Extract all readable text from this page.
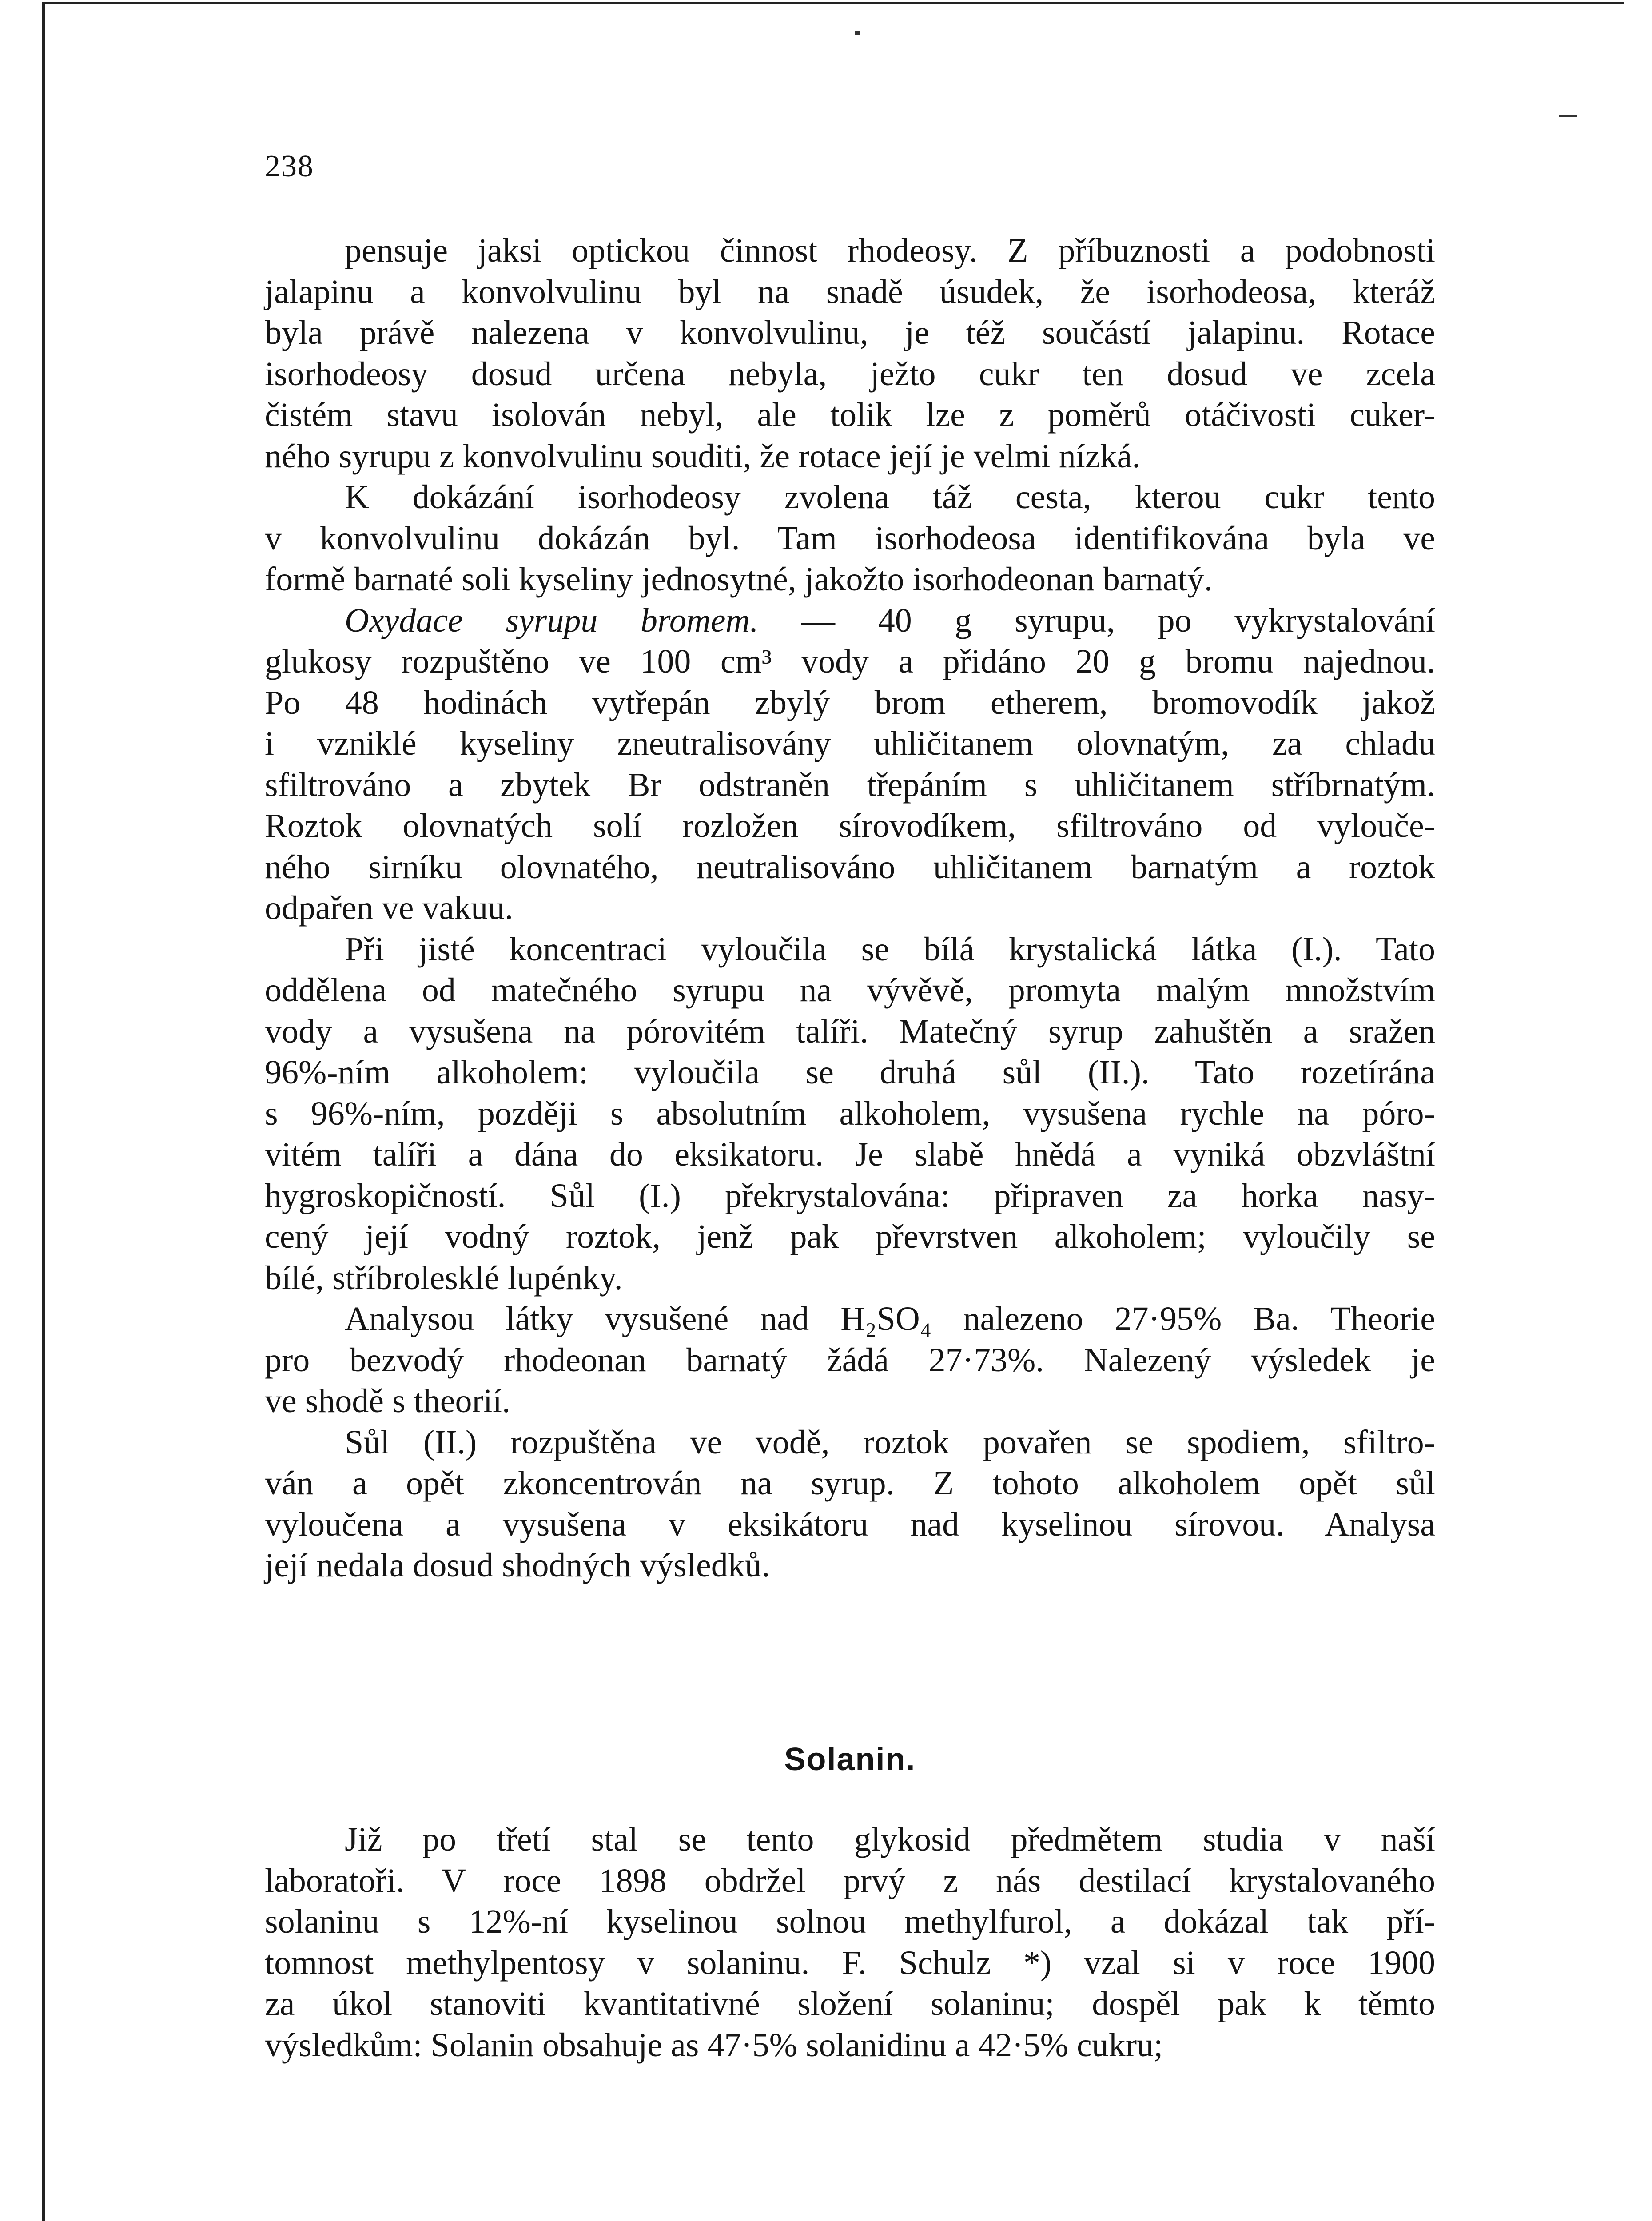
238

pensuje jaksi optickou činnost rhodeosy. Z příbuznosti a podobnosti

jalapinu a konvolvulinu byl na snadě úsudek, že isorhodeosa, kteráž

byla právě nalezena v konvolvulinu, je též součástí jalapinu. Rotace

isorhodeosy dosud určena nebyla, ježto cukr ten dosud ve zcela

čistém stavu isolován nebyl, ale tolik lze z poměrů otáčivosti cuker-

ného syrupu z konvolvulinu souditi, že rotace její je velmi nízká.

K dokázání isorhodeosy zvolena táž cesta, kterou cukr tento

v konvolvulinu dokázán byl. Tam isorhodeosa identifikována byla ve

formě barnaté soli kyseliny jednosytné, jakožto isorhodeonan barnatý.

Oxydace syrupu bromem. — 40 g syrupu, po vykrystalování

glukosy rozpuštěno ve 100 cm³ vody a přidáno 20 g bromu najednou.

Po 48 hodinách vytřepán zbylý brom etherem, bromovodík jakož

i vzniklé kyseliny zneutralisovány uhličitanem olovnatým, za chladu

sfiltrováno a zbytek Br odstraněn třepáním s uhličitanem stříbrnatým.

Roztok olovnatých solí rozložen sírovodíkem, sfiltrováno od vylouče-

ného sirníku olovnatého, neutralisováno uhličitanem barnatým a roztok

odpařen ve vakuu.

Při jisté koncentraci vyloučila se bílá krystalická látka (I.). Tato

oddělena od matečného syrupu na vývěvě, promyta malým množstvím

vody a vysušena na pórovitém talíři. Matečný syrup zahuštěn a sražen

96%-ním alkoholem: vyloučila se druhá sůl (II.). Tato rozetírána

s 96%-ním, později s absolutním alkoholem, vysušena rychle na póro-

vitém talíři a dána do eksikatoru. Je slabě hnědá a vyniká obzvláštní

hygroskopičností. Sůl (I.) překrystalována: připraven za horka nasy-

cený její vodný roztok, jenž pak převrstven alkoholem; vyloučily se

bílé, stříbrolesklé lupénky.

Analysou látky vysušené nad H₂SO₄ nalezeno 27·95% Ba. Theorie

pro bezvodý rhodeonan barnatý žádá 27·73%. Nalezený výsledek je

ve shodě s theorií.

Sůl (II.) rozpuštěna ve vodě, roztok povařen se spodiem, sfiltro-

ván a opět zkoncentrován na syrup. Z tohoto alkoholem opět sůl

vyloučena a vysušena v eksikátoru nad kyselinou sírovou. Analysa

její nedala dosud shodných výsledků.

Solanin.

Již po třetí stal se tento glykosid předmětem studia v naší

laboratoři. V roce 1898 obdržel prvý z nás destilací krystalovaného

solaninu s 12%-ní kyselinou solnou methylfurol, a dokázal tak pří-

tomnost methylpentosy v solaninu. F. Schulz *) vzal si v roce 1900

za úkol stanoviti kvantitativné složení solaninu; dospěl pak k těmto

výsledkům: Solanin obsahuje as 47·5% solanidinu a 42·5% cukru;
